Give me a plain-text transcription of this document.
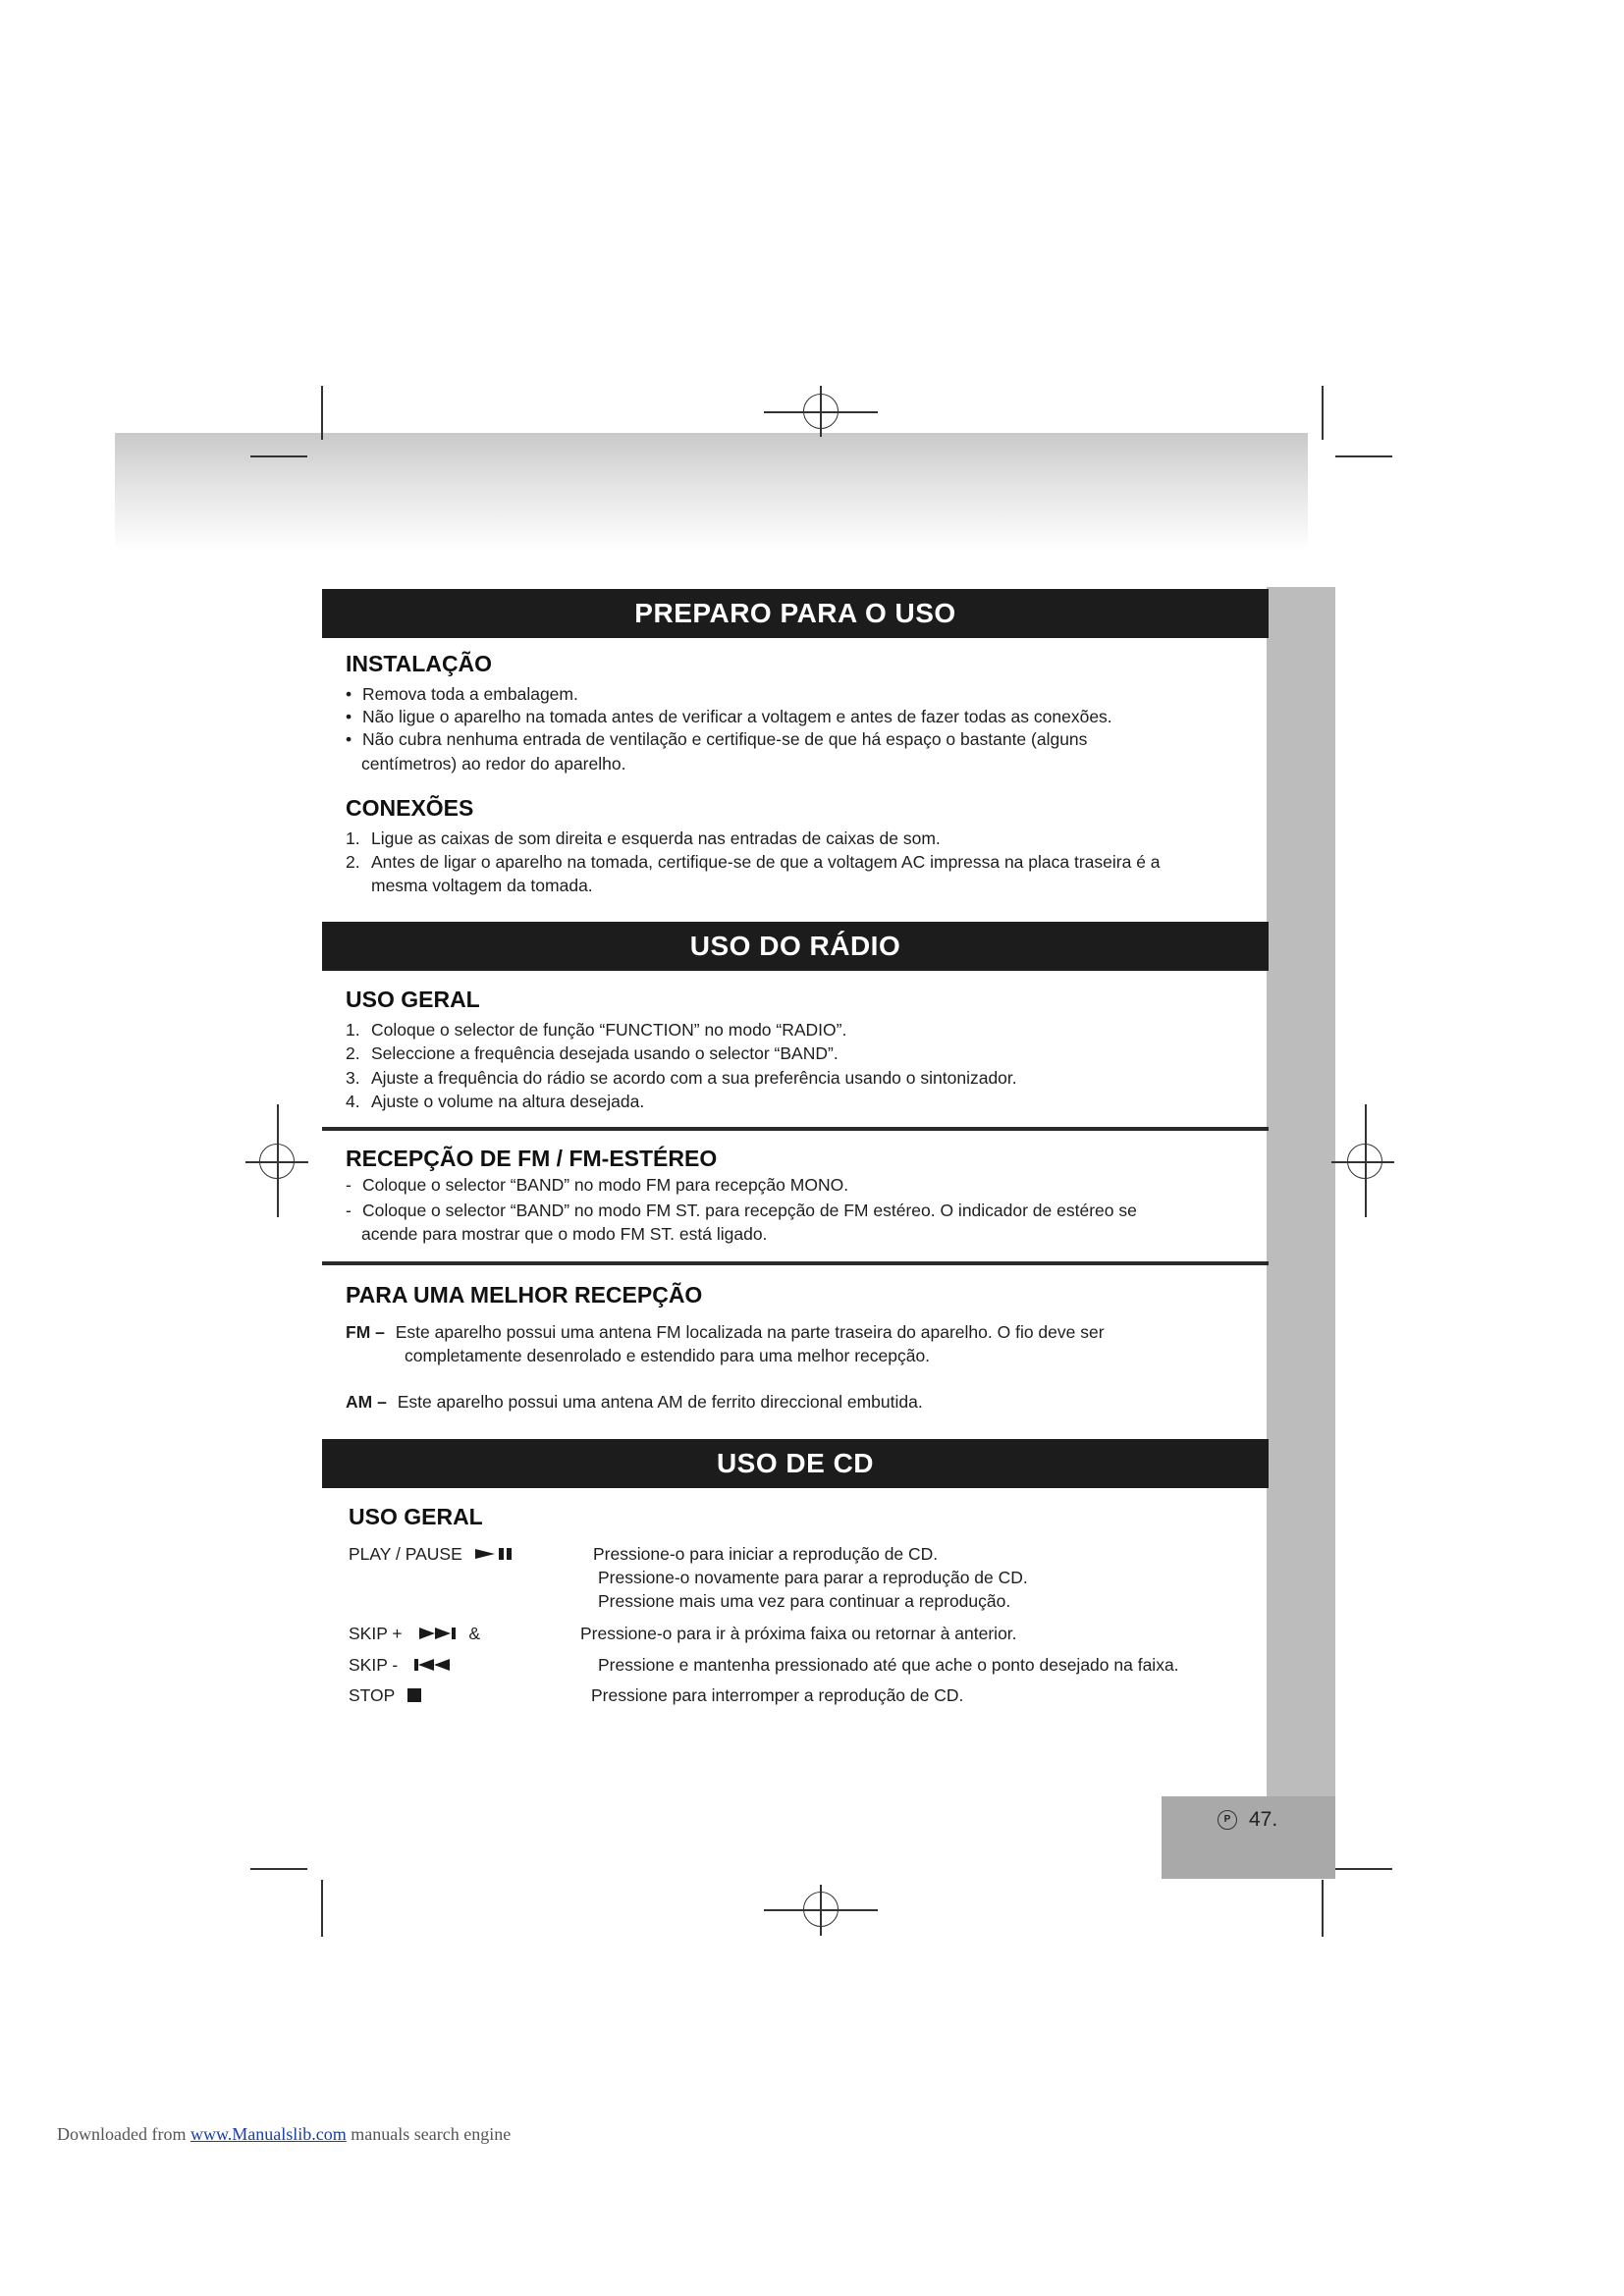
P 47.
PREPARO PARA O USO
INSTALAÇÃO
• Remova toda a embalagem.
• Não ligue o aparelho na tomada antes de verificar a voltagem e antes de fazer todas as conexões.
• Não cubra nenhuma entrada de ventilação e certifique-se de que há espaço o bastante (alguns
centímetros) ao redor do aparelho.
CONEXÕES
1. Ligue as caixas de som direita e esquerda nas entradas de caixas de som.
2. Antes de ligar o aparelho na tomada, certifique-se de que a voltagem AC impressa na placa traseira é a
mesma voltagem da tomada.
USO DO RÁDIO
USO GERAL
1. Coloque o selector de função “FUNCTION” no modo “RADIO”.
2. Seleccione a frequência desejada usando o selector “BAND”.
3. Ajuste a frequência do rádio se acordo com a sua preferência usando o sintonizador.
4. Ajuste o volume na altura desejada.
RECEPÇÃO DE FM / FM-ESTÉREO
- Coloque o selector “BAND” no modo FM para recepção MONO.
- Coloque o selector “BAND” no modo FM ST. para recepção de FM estéreo. O indicador de estéreo se
acende para mostrar que o modo FM ST. está ligado.
PARA UMA MELHOR RECEPÇÃO
FM – Este aparelho possui uma antena FM localizada na parte traseira do aparelho. O fio deve ser
completamente desenrolado e estendido para uma melhor recepção.
AM – Este aparelho possui uma antena AM de ferrito direccional embutida.
USO DE CD
USO GERAL
PLAY / PAUSE	Pressione-o para iniciar a reprodução de CD.
Pressione-o novamente para parar a reprodução de CD.
Pressione mais uma vez para continuar a reprodução.
SKIP +	&	Pressione-o para ir à próxima faixa ou retornar à anterior.
SKIP -	Pressione e mantenha pressionado até que ache o ponto desejado na faixa.
STOP	Pressione para interromper a reprodução de CD.
Downloaded from www.Manualslib.com manuals search engine
